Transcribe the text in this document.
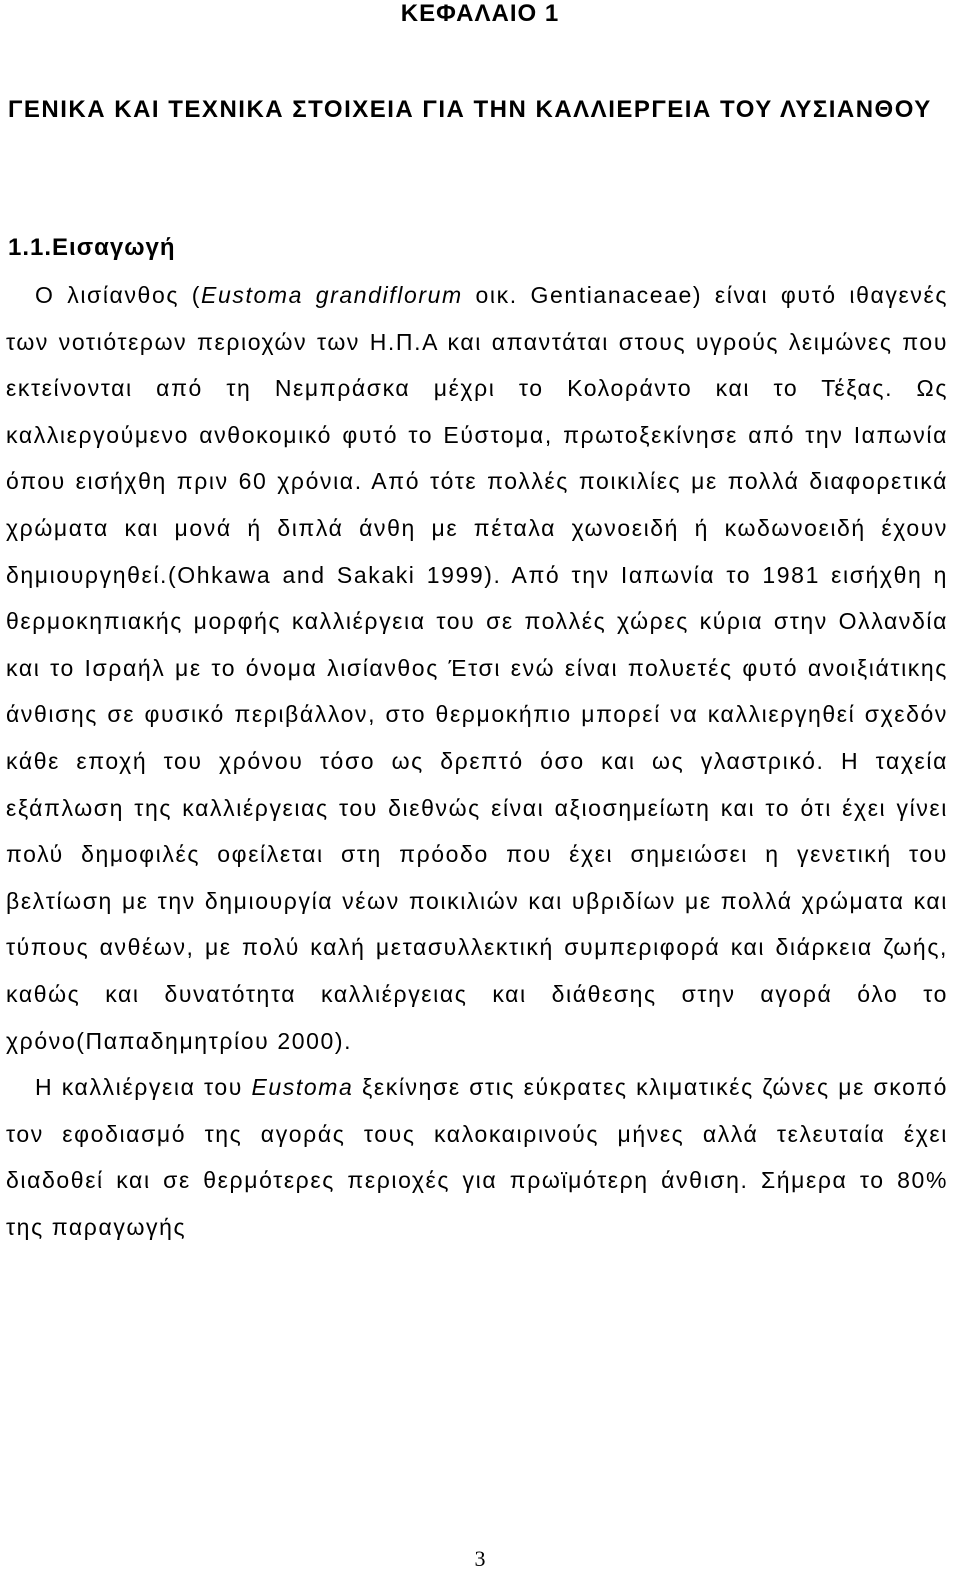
ΚΕΦΑΛΑΙΟ 1
ΓΕΝΙΚΑ ΚΑΙ ΤΕΧΝΙΚΑ ΣΤΟΙΧΕΙΑ ΓΙΑ ΤΗΝ ΚΑΛΛΙΕΡΓΕΙΑ ΤΟΥ ΛΥΣΙΑΝΘΟΥ
1.1.Εισαγωγή

Ο λισίανθος (Eustoma grandiflorum οικ. Gentianaceae) είναι φυτό ιθαγενές των νοτιότερων περιοχών των Η.Π.Α και απαντάται στους υγρούς λειμώνες που εκτείνονται από τη Νεμπράσκα μέχρι το Κολοράντο και το Τέξας. Ως καλλιεργούμενο ανθοκομικό φυτό το Εύστομα, πρωτοξεκίνησε από την Ιαπωνία όπου εισήχθη πριν 60 χρόνια. Από τότε πολλές ποικιλίες με πολλά διαφορετικά χρώματα και μονά ή διπλά άνθη με πέταλα χωνοειδή ή κωδωνοειδή έχουν δημιουργηθεί.(Ohkawa and Sakaki 1999). Από την Ιαπωνία το 1981 εισήχθη η θερμοκηπιακής μορφής καλλιέργεια του σε πολλές χώρες κύρια στην Ολλανδία και το Ισραήλ με το όνομα λισίανθος Έτσι ενώ είναι πολυετές φυτό ανοιξιάτικης άνθισης σε φυσικό περιβάλλον, στο θερμοκήπιο μπορεί να καλλιεργηθεί σχεδόν κάθε εποχή του χρόνου τόσο ως δρεπτό όσο και ως γλαστρικό. Η ταχεία εξάπλωση της καλλιέργειας του διεθνώς είναι αξιοσημείωτη και το ότι έχει γίνει πολύ δημοφιλές οφείλεται στη πρόοδο που έχει σημειώσει η γενετική του βελτίωση με την δημιουργία νέων ποικιλιών και υβριδίων με πολλά χρώματα και τύπους ανθέων, με πολύ καλή μετασυλλεκτική συμπεριφορά και διάρκεια ζωής, καθώς και δυνατότητα καλλιέργειας και διάθεσης στην αγορά όλο το χρόνο(Παπαδημητρίου 2000).

Η καλλιέργεια του Eustoma ξεκίνησε στις εύκρατες κλιματικές ζώνες με σκοπό τον εφοδιασμό της αγοράς τους καλοκαιρινούς μήνες αλλά τελευταία έχει διαδοθεί και σε θερμότερες περιοχές για πρωϊμότερη άνθιση. Σήμερα το 80% της παραγωγής

3
